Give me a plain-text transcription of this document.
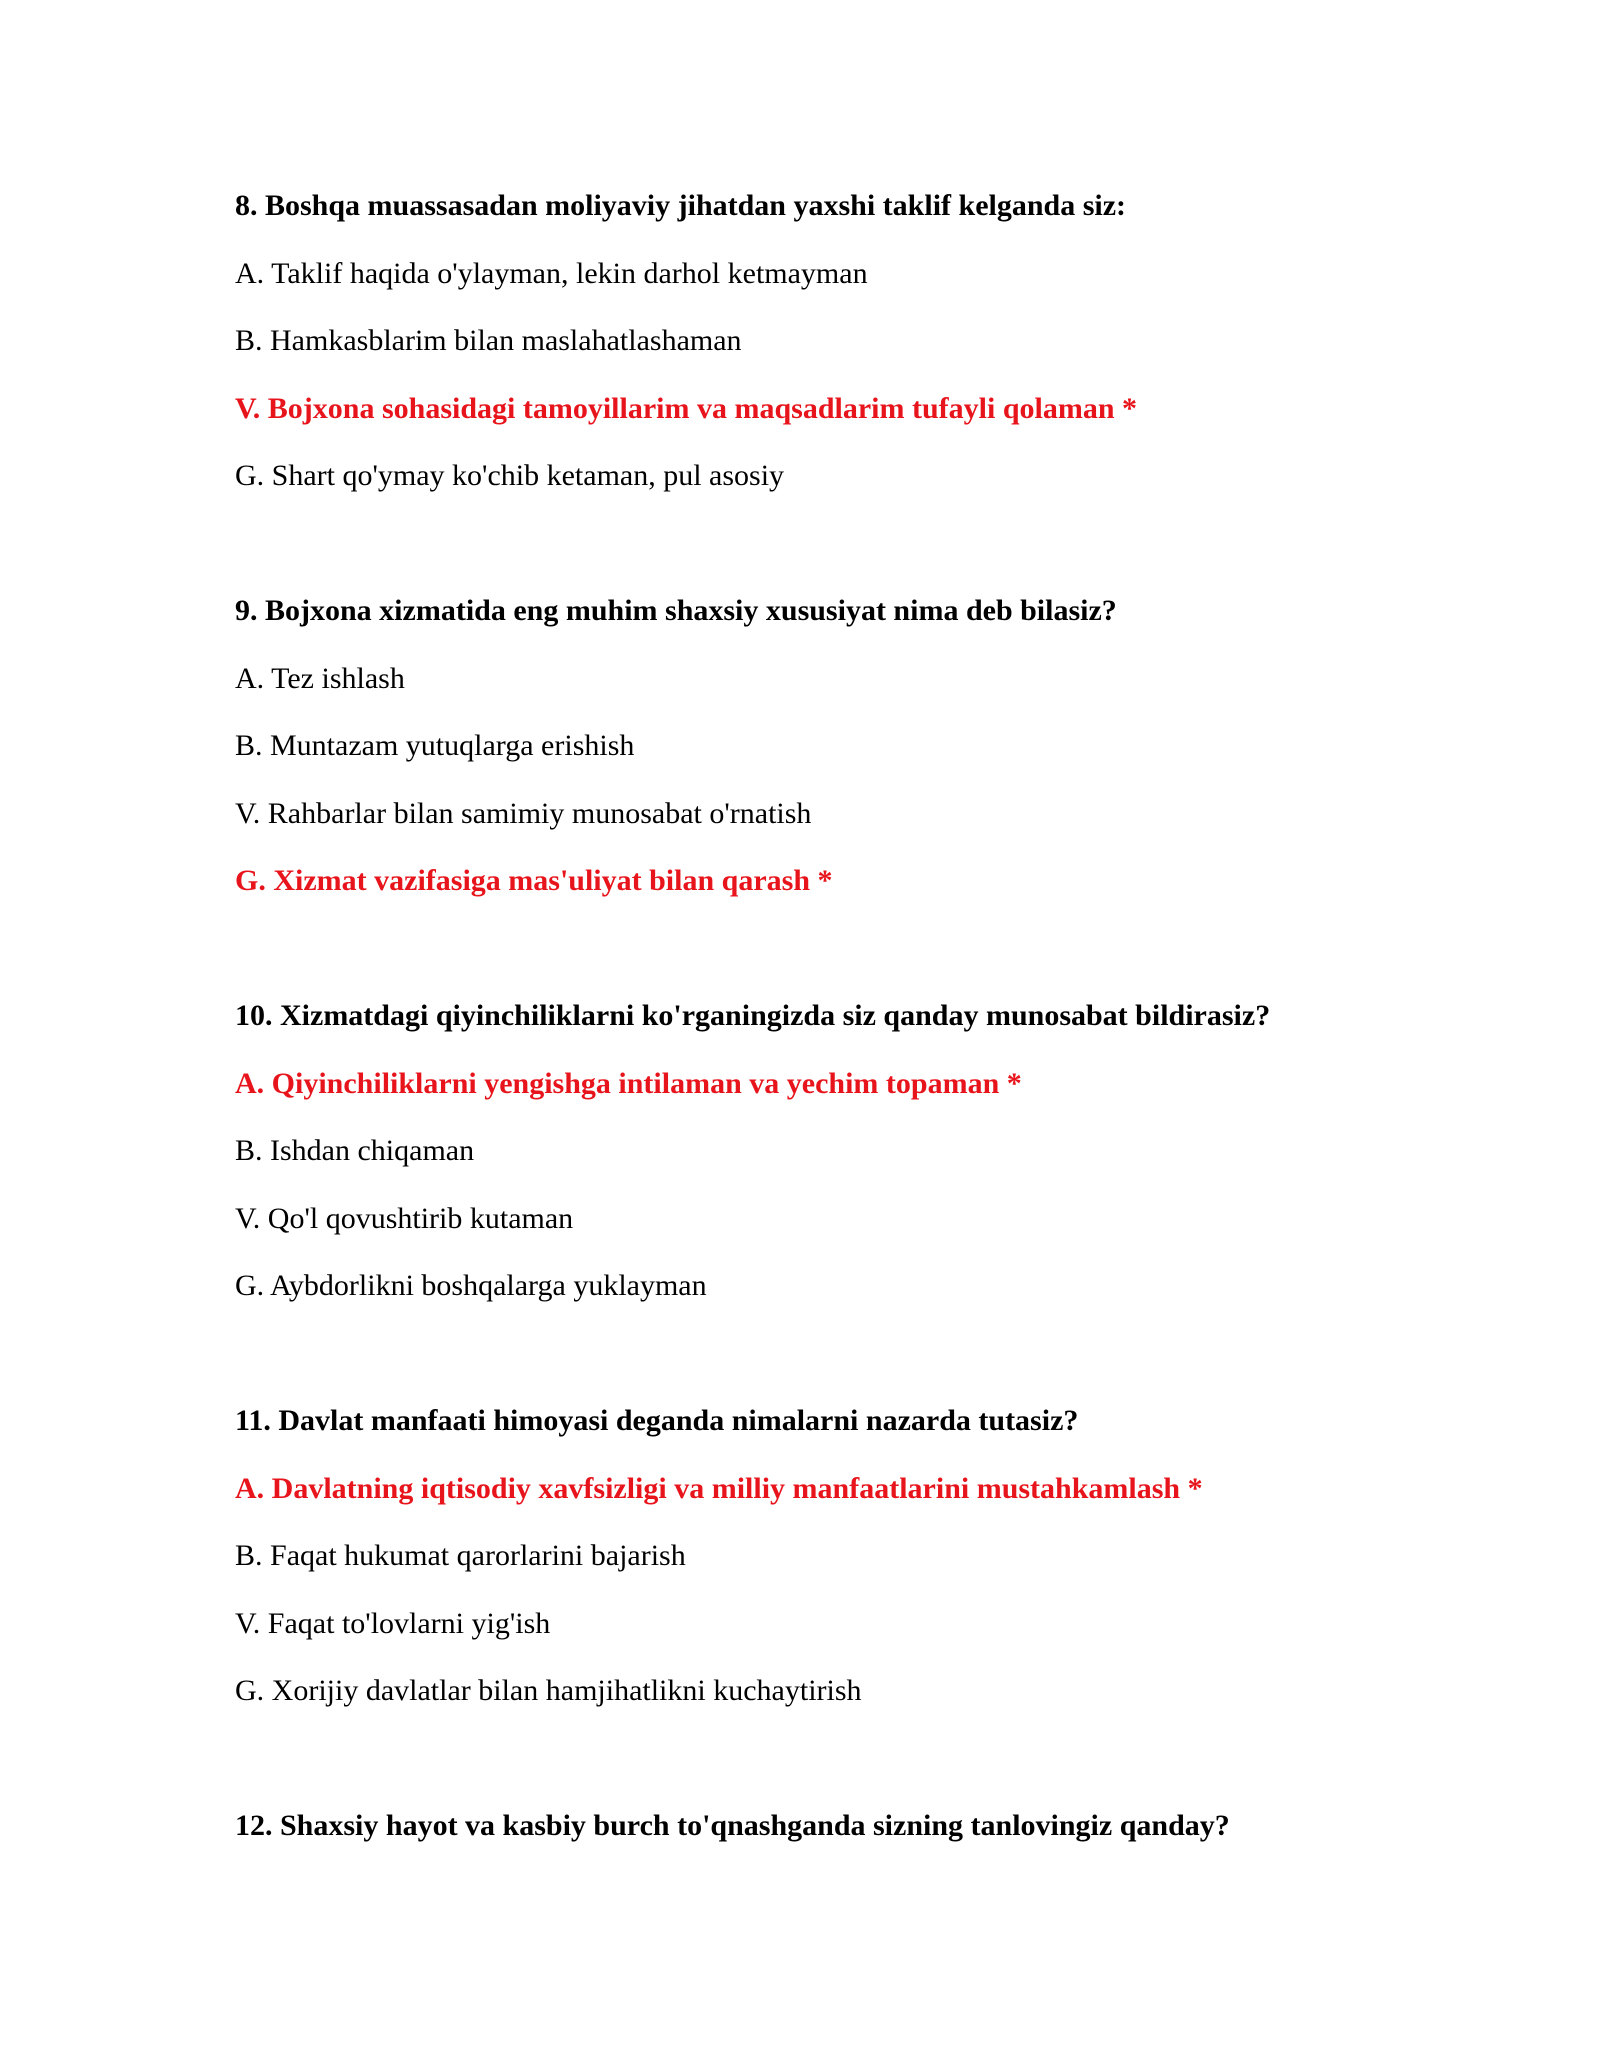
8. Boshqa muassasadan moliyaviy jihatdan yaxshi taklif kelganda siz:
A. Taklif haqida o'ylayman, lekin darhol ketmayman
B. Hamkasblarim bilan maslahatlashaman
V. Bojxona sohasidagi tamoyillarim va maqsadlarim tufayli qolaman *
G. Shart qo'ymay ko'chib ketaman, pul asosiy
9. Bojxona xizmatida eng muhim shaxsiy xususiyat nima deb bilasiz?
A. Tez ishlash
B. Muntazam yutuqlarga erishish
V. Rahbarlar bilan samimiy munosabat o'rnatish
G. Xizmat vazifasiga mas'uliyat bilan qarash *
10. Xizmatdagi qiyinchiliklarni ko'rganingizda siz qanday munosabat bildirasiz?
A. Qiyinchiliklarni yengishga intilaman va yechim topaman *
B. Ishdan chiqaman
V. Qo'l qovushtirib kutaman
G. Aybdorlikni boshqalarga yuklayman
11. Davlat manfaati himoyasi deganda nimalarni nazarda tutasiz?
A. Davlatning iqtisodiy xavfsizligi va milliy manfaatlarini mustahkamlash *
B. Faqat hukumat qarorlarini bajarish
V. Faqat to'lovlarni yig'ish
G. Xorijiy davlatlar bilan hamjihatlikni kuchaytirish
12. Shaxsiy hayot va kasbiy burch to'qnashganda sizning tanlovingiz qanday?
